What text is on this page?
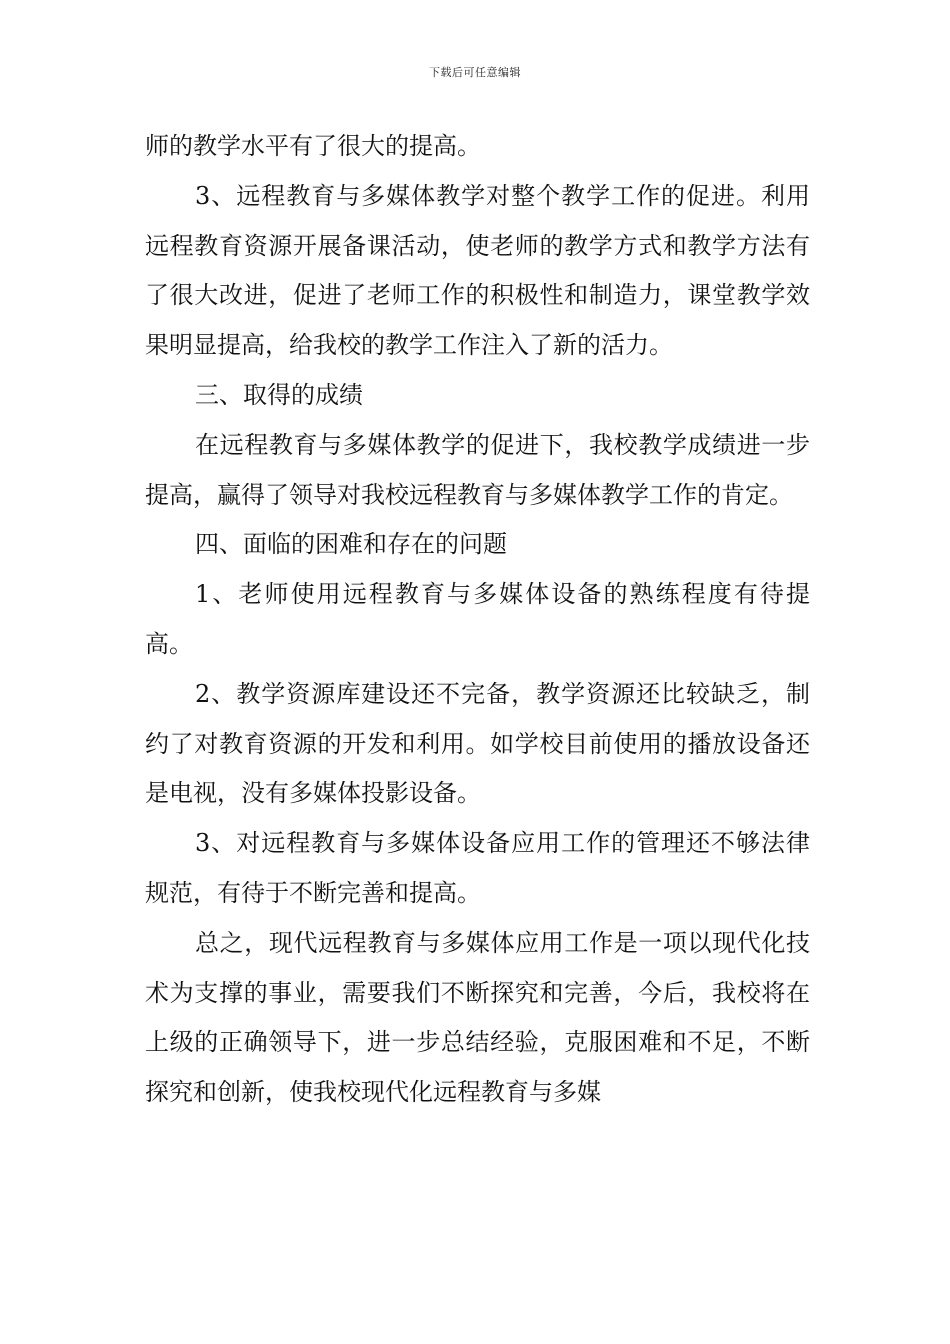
下载后可任意编辑

师的教学水平有了很大的提高。

3、远程教育与多媒体教学对整个教学工作的促进。利用远程教育资源开展备课活动，使老师的教学方式和教学方法有了很大改进，促进了老师工作的积极性和制造力，课堂教学效果明显提高，给我校的教学工作注入了新的活力。

三、取得的成绩

在远程教育与多媒体教学的促进下，我校教学成绩进一步提高，赢得了领导对我校远程教育与多媒体教学工作的肯定。

四、面临的困难和存在的问题

1、老师使用远程教育与多媒体设备的熟练程度有待提高。

2、教学资源库建设还不完备，教学资源还比较缺乏，制约了对教育资源的开发和利用。如学校目前使用的播放设备还是电视，没有多媒体投影设备。

3、对远程教育与多媒体设备应用工作的管理还不够法律规范，有待于不断完善和提高。

总之，现代远程教育与多媒体应用工作是一项以现代化技术为支撑的事业，需要我们不断探究和完善，今后，我校将在上级的正确领导下，进一步总结经验，克服困难和不足，不断探究和创新，使我校现代化远程教育与多媒
